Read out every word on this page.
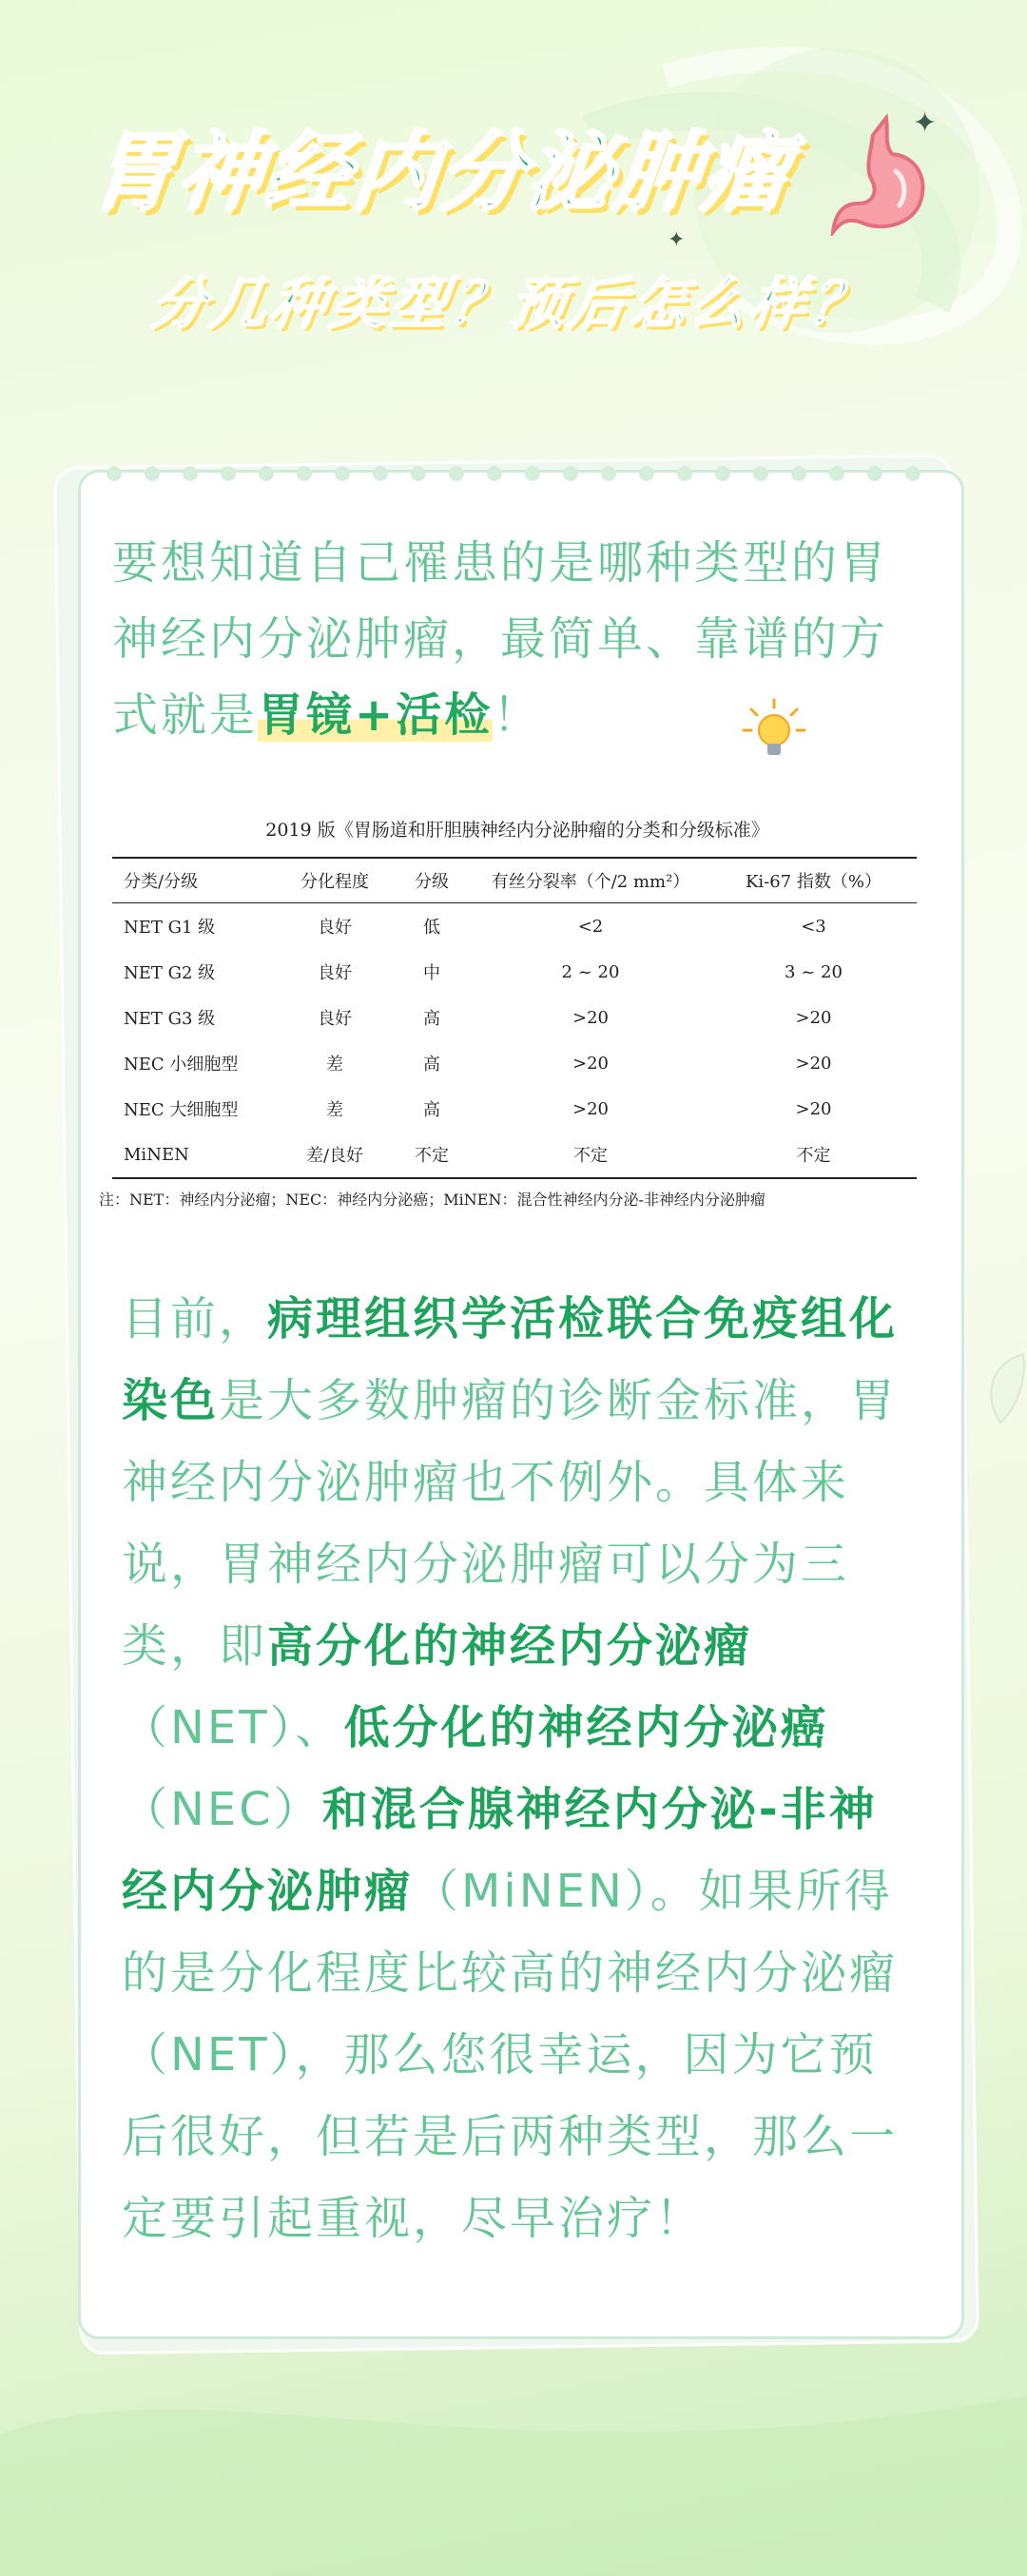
胃神经内分泌肿瘤
分几种类型？预后怎么样？
✦
✦
要想知道自己罹患的是哪种类型的胃神经内分泌肿瘤，最简单、靠谱的方式就是胃镜+活检！
2019 版《胃肠道和肝胆胰神经内分泌肿瘤的分类和分级标准》
分类/分级	分化程度	分级	有丝分裂率（个/2 mm²）	Ki-67 指数（%）
NET G1 级	良好	低	<2	<3
NET G2 级	良好	中	2 ~ 20	3 ~ 20
NET G3 级	良好	高	>20	>20
NEC 小细胞型	差	高	>20	>20
NEC 大细胞型	差	高	>20	>20
MiNEN	差/良好	不定	不定	不定
注：NET：神经内分泌瘤；NEC：神经内分泌癌；MiNEN：混合性神经内分泌-非神经内分泌肿瘤
目前，病理组织学活检联合免疫组化染色是大多数肿瘤的诊断金标准，胃神经内分泌肿瘤也不例外。具体来说，胃神经内分泌肿瘤可以分为三类，即高分化的神经内分泌瘤（NET）、低分化的神经内分泌癌（NEC）和混合腺神经内分泌-非神经内分泌肿瘤（MiNEN）。如果所得的是分化程度比较高的神经内分泌瘤（NET），那么您很幸运，因为它预后很好，但若是后两种类型，那么一定要引起重视，尽早治疗！
